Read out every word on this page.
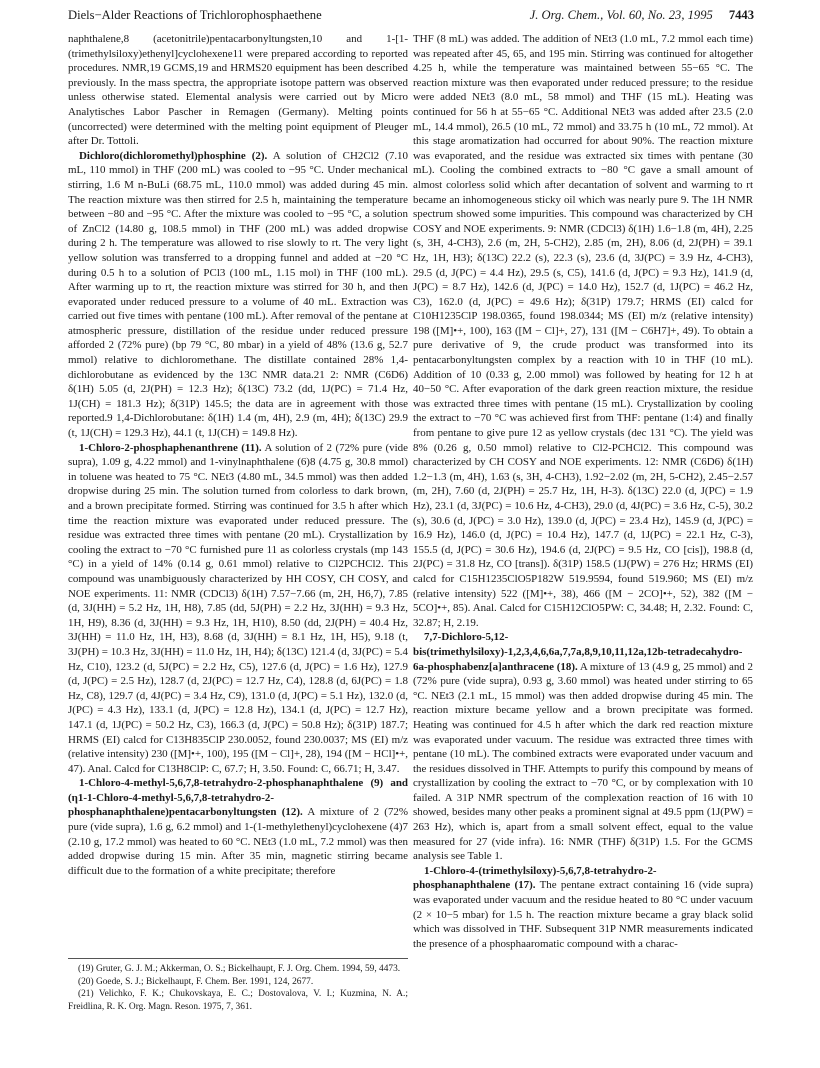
Diels−Alder Reactions of Trichlorophosphaethene	J. Org. Chem., Vol. 60, No. 23, 1995 7443

naphthalene,8 (acetonitrile)pentacarbonyltungsten,10 and 1-[1-(trimethylsiloxy)ethenyl]cyclohexene11 were prepared according to reported procedures. NMR,19 GCMS,19 and HRMS20 equipment has been described previously. In the mass spectra, the appropriate isotope pattern was observed unless otherwise stated. Elemental analysis were carried out by Micro Analytisches Labor Pascher in Remagen (Germany). Melting points (uncorrected) were determined with the melting point equipment of Pleuger after Dr. Tottoli.

Dichloro(dichloromethyl)phosphine (2). A solution of CH2Cl2 (7.10 mL, 110 mmol) in THF (200 mL) was cooled to −95 °C. Under mechanical stirring, 1.6 M n-BuLi (68.75 mL, 110.0 mmol) was added during 45 min. The reaction mixture was then stirred for 2.5 h, maintaining the temperature between −80 and −95 °C. After the mixture was cooled to −95 °C, a solution of ZnCl2 (14.80 g, 108.5 mmol) in THF (200 mL) was added dropwise during 2 h. The temperature was allowed to rise slowly to rt. The very light yellow solution was transferred to a dropping funnel and added at −20 °C during 0.5 h to a solution of PCl3 (100 mL, 1.15 mol) in THF (100 mL). After warming up to rt, the reaction mixture was stirred for 30 h, and then evaporated under reduced pressure to a volume of 40 mL. Extraction was carried out five times with pentane (100 mL). After removal of the pentane at atmospheric pressure, distillation of the residue under reduced pressure afforded 2 (72% pure) (bp 79 °C, 80 mbar) in a yield of 48% (13.6 g, 52.7 mmol) relative to dichloromethane. The distillate contained 28% 1,4-dichlorobutane as evidenced by the 13C NMR data.21 2: NMR (C6D6) δ(1H) 5.05 (d, 2J(PH) = 12.3 Hz); δ(13C) 73.2 (dd, 1J(PC) = 71.4 Hz, 1J(CH) = 181.3 Hz); δ(31P) 145.5; the data are in agreement with those reported.9 1,4-Dichlorobutane: δ(1H) 1.4 (m, 4H), 2.9 (m, 4H); δ(13C) 29.9 (t, 1J(CH) = 129.3 Hz), 44.1 (t, 1J(CH) = 149.8 Hz).

1-Chloro-2-phosphaphenanthrene (11). A solution of 2 (72% pure (vide supra), 1.09 g, 4.22 mmol) and 1-vinylnaphthalene (6)8 (4.75 g, 30.8 mmol) in toluene was heated to 75 °C. NEt3 (4.80 mL, 34.5 mmol) was then added dropwise during 25 min. The solution turned from colorless to dark brown, and a brown precipitate formed. Stirring was continued for 3.5 h after which time the reaction mixture was evaporated under reduced pressure. The residue was extracted three times with pentane (20 mL). Crystallization by cooling the extract to −70 °C furnished pure 11 as colorless crystals (mp 143 °C) in a yield of 14% (0.14 g, 0.61 mmol) relative to Cl2PCHCl2. This compound was unambiguously characterized by HH COSY, CH COSY, and NOE experiments. 11: NMR (CDCl3) δ(1H) 7.57−7.66 (m, 2H, H6,7), 7.85 (d, 3J(HH) = 5.2 Hz, 1H, H8), 7.85 (dd, 5J(PH) = 2.2 Hz, 3J(HH) = 9.3 Hz, 1H, H9), 8.36 (d, 3J(HH) = 9.3 Hz, 1H, H10), 8.50 (dd, 2J(PH) = 40.4 Hz, 3J(HH) = 11.0 Hz, 1H, H3), 8.68 (d, 3J(HH) = 8.1 Hz, 1H, H5), 9.18 (t, 3J(PH) = 10.3 Hz, 3J(HH) = 11.0 Hz, 1H, H4); δ(13C) 121.4 (d, 3J(PC) = 5.4 Hz, C10), 123.2 (d, 5J(PC) = 2.2 Hz, C5), 127.6 (d, J(PC) = 1.6 Hz), 127.9 (d, J(PC) = 2.5 Hz), 128.7 (d, 2J(PC) = 12.7 Hz, C4), 128.8 (d, 6J(PC) = 1.8 Hz, C8), 129.7 (d, 4J(PC) = 3.4 Hz, C9), 131.0 (d, J(PC) = 5.1 Hz), 132.0 (d, J(PC) = 4.3 Hz), 133.1 (d, J(PC) = 12.8 Hz), 134.1 (d, J(PC) = 12.7 Hz), 147.1 (d, 1J(PC) = 50.2 Hz, C3), 166.3 (d, J(PC) = 50.8 Hz); δ(31P) 187.7; HRMS (EI) calcd for C13H835ClP 230.0052, found 230.0037; MS (EI) m/z (relative intensity) 230 ([M]•+, 100), 195 ([M − Cl]+, 28), 194 ([M − HCl]•+, 47). Anal. Calcd for C13H8ClP: C, 67.7; H, 3.50. Found: C, 66.71; H, 3.47.

1-Chloro-4-methyl-5,6,7,8-tetrahydro-2-phosphanaphthalene (9) and (η1-1-Chloro-4-methyl-5,6,7,8-tetrahydro-2-phosphanaphthalene)pentacarbonyltungsten (12). A mixture of 2 (72% pure (vide supra), 1.6 g, 6.2 mmol) and 1-(1-methylethenyl)cyclohexene (4)7 (2.10 g, 17.2 mmol) was heated to 60 °C. NEt3 (1.0 mL, 7.2 mmol) was then added dropwise during 15 min. After 35 min, magnetic stirring became difficult due to the formation of a white precipitate; therefore

(19) Gruter, G. J. M.; Akkerman, O. S.; Bickelhaupt, F. J. Org. Chem. 1994, 59, 4473.

(20) Goede, S. J.; Bickelhaupt, F. Chem. Ber. 1991, 124, 2677.

(21) Velichko, F. K.; Chukovskaya, E. C.; Dostovalova, V. I.; Kuzmina, N. A.; Freidlina, R. K. Org. Magn. Reson. 1975, 7, 361.

THF (8 mL) was added. The addition of NEt3 (1.0 mL, 7.2 mmol each time) was repeated after 45, 65, and 195 min. Stirring was continued for altogether 4.25 h, while the temperature was maintained between 55−65 °C. The reaction mixture was then evaporated under reduced pressure; to the residue were added NEt3 (8.0 mL, 58 mmol) and THF (15 mL). Heating was continued for 56 h at 55−65 °C. Additional NEt3 was added after 23.5 (2.0 mL, 14.4 mmol), 26.5 (10 mL, 72 mmol) and 33.75 h (10 mL, 72 mmol). At this stage aromatization had occurred for about 90%. The reaction mixture was evaporated, and the residue was extracted six times with pentane (30 mL). Cooling the combined extracts to −80 °C gave a small amount of almost colorless solid which after decantation of solvent and warming to rt became an inhomogeneous sticky oil which was nearly pure 9. The 1H NMR spectrum showed some impurities. This compound was characterized by CH COSY and NOE experiments. 9: NMR (CDCl3) δ(1H) 1.6−1.8 (m, 4H), 2.25 (s, 3H, 4-CH3), 2.6 (m, 2H, 5-CH2), 2.85 (m, 2H), 8.06 (d, 2J(PH) = 39.1 Hz, 1H, H3); δ(13C) 22.2 (s), 22.3 (s), 23.6 (d, 3J(PC) = 3.9 Hz, 4-CH3), 29.5 (d, J(PC) = 4.4 Hz), 29.5 (s, C5), 141.6 (d, J(PC) = 9.3 Hz), 141.9 (d, J(PC) = 8.7 Hz), 142.6 (d, J(PC) = 14.0 Hz), 152.7 (d, 1J(PC) = 46.2 Hz, C3), 162.0 (d, J(PC) = 49.6 Hz); δ(31P) 179.7; HRMS (EI) calcd for C10H1235ClP 198.0365, found 198.0344; MS (EI) m/z (relative intensity) 198 ([M]•+, 100), 163 ([M − Cl]+, 27), 131 ([M − C6H7]+, 49). To obtain a pure derivative of 9, the crude product was transformed into its pentacarbonyltungsten complex by a reaction with 10 in THF (10 mL). Addition of 10 (0.33 g, 2.00 mmol) was followed by heating for 12 h at 40−50 °C. After evaporation of the dark green reaction mixture, the residue was extracted three times with pentane (15 mL). Crystallization by cooling the extract to −70 °C was achieved first from THF: pentane (1:4) and finally from pentane to give pure 12 as yellow crystals (dec 131 °C). The yield was 8% (0.26 g, 0.50 mmol) relative to Cl2-PCHCl2. This compound was characterized by CH COSY and NOE experiments. 12: NMR (C6D6) δ(1H) 1.2−1.3 (m, 4H), 1.63 (s, 3H, 4-CH3), 1.92−2.02 (m, 2H, 5-CH2), 2.45−2.57 (m, 2H), 7.60 (d, 2J(PH) = 25.7 Hz, 1H, H-3). δ(13C) 22.0 (d, J(PC) = 1.9 Hz), 23.1 (d, 3J(PC) = 10.6 Hz, 4-CH3), 29.0 (d, 4J(PC) = 3.6 Hz, C-5), 30.2 (s), 30.6 (d, J(PC) = 3.0 Hz), 139.0 (d, J(PC) = 23.4 Hz), 145.9 (d, J(PC) = 16.9 Hz), 146.0 (d, J(PC) = 10.4 Hz), 147.7 (d, 1J(PC) = 22.1 Hz, C-3), 155.5 (d, J(PC) = 30.6 Hz), 194.6 (d, 2J(PC) = 9.5 Hz, CO [cis]), 198.8 (d, 2J(PC) = 31.8 Hz, CO [trans]). δ(31P) 158.5 (1J(PW) = 276 Hz; HRMS (EI) calcd for C15H1235ClO5P182W 519.9594, found 519.960; MS (EI) m/z (relative intensity) 522 ([M]•+, 38), 466 ([M − 2CO]•+, 52), 382 ([M − 5CO]•+, 85). Anal. Calcd for C15H12ClO5PW: C, 34.48; H, 2.32. Found: C, 32.87; H, 2.19.

7,7-Dichloro-5,12-bis(trimethylsiloxy)-1,2,3,4,6,6a,7,7a,8,9,10,11,12a,12b-tetradecahydro-6a-phosphabenz[a]anthracene (18). A mixture of 13 (4.9 g, 25 mmol) and 2 (72% pure (vide supra), 0.93 g, 3.60 mmol) was heated under stirring to 65 °C. NEt3 (2.1 mL, 15 mmol) was then added dropwise during 45 min. The reaction mixture became yellow and a brown precipitate was formed. Heating was continued for 4.5 h after which the dark red reaction mixture was evaporated under vacuum. The residue was extracted three times with pentane (10 mL). The combined extracts were evaporated under vacuum and the residues dissolved in THF. Attempts to purify this compound by means of crystallization by cooling the extract to −70 °C, or by complexation with 10 failed. A 31P NMR spectrum of the complexation reaction of 16 with 10 showed, besides many other peaks a prominent signal at 49.5 ppm (1J(PW) = 263 Hz), which is, apart from a small solvent effect, equal to the value measured for 27 (vide infra). 16: NMR (THF) δ(31P) 1.5. For the GCMS analysis see Table 1.

1-Chloro-4-(trimethylsiloxy)-5,6,7,8-tetrahydro-2-phosphanaphthalene (17). The pentane extract containing 16 (vide supra) was evaporated under vacuum and the residue heated to 80 °C under vacuum (2 × 10−5 mbar) for 1.5 h. The reaction mixture became a gray black solid which was dissolved in THF. Subsequent 31P NMR measurements indicated the presence of a phosphaaromatic compound with a charac-
